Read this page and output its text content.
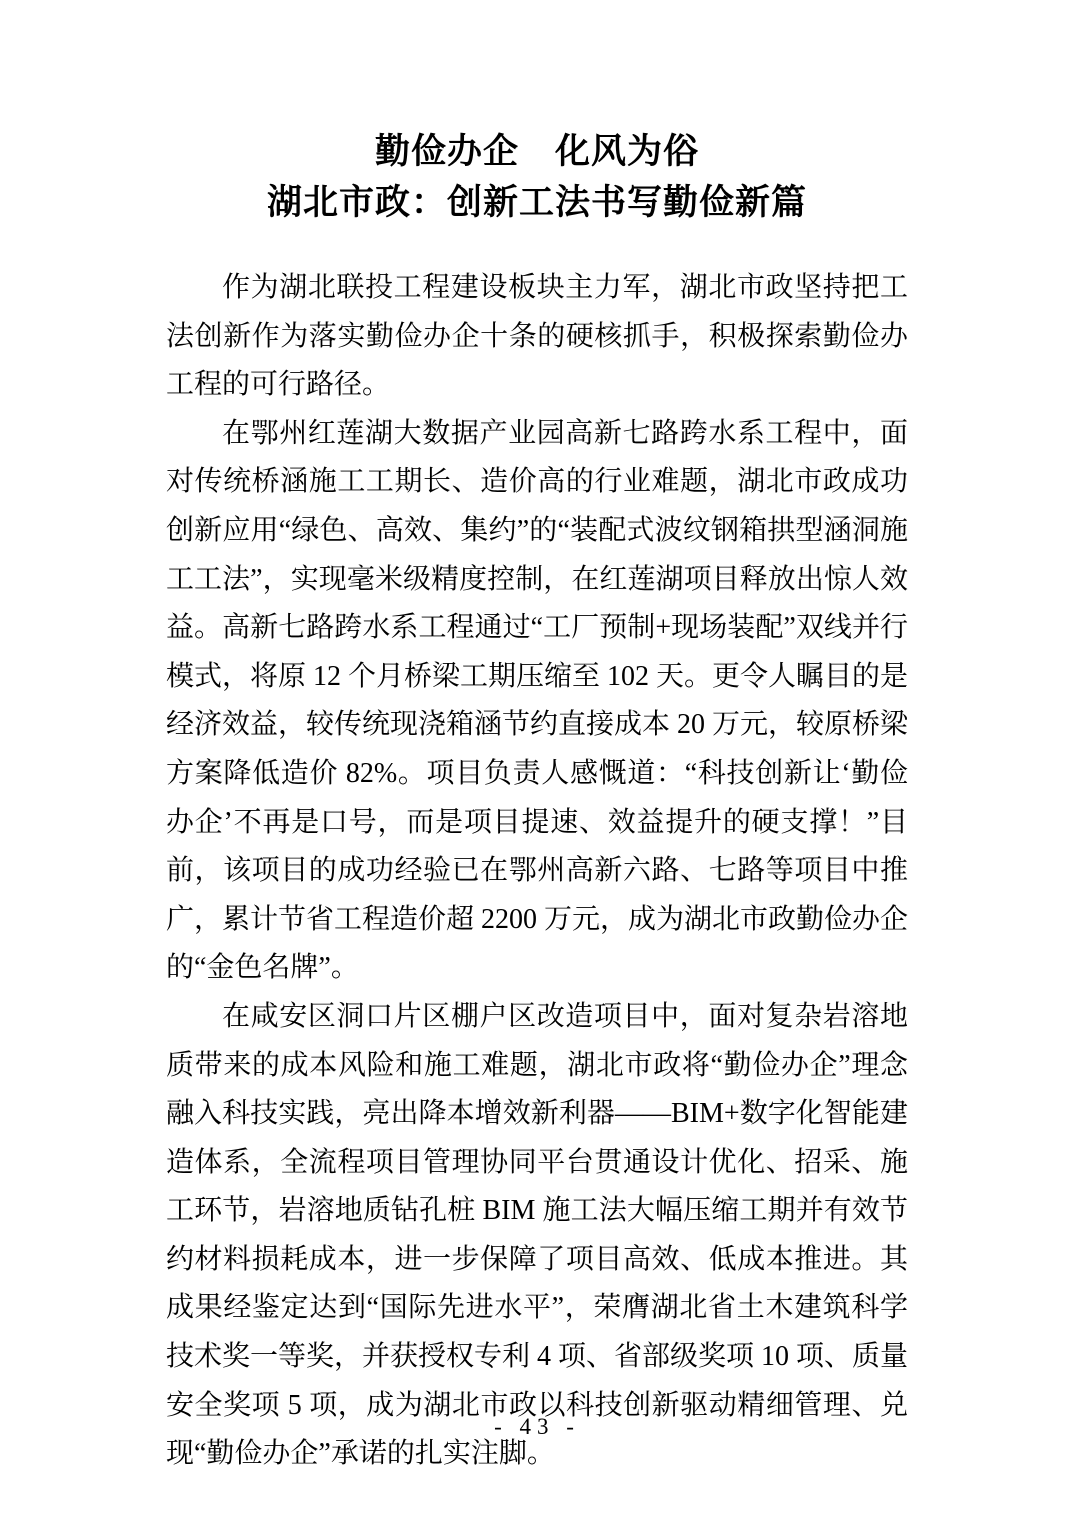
勤俭办企　化风为俗
湖北市政：创新工法书写勤俭新篇

作为湖北联投工程建设板块主力军，湖北市政坚持把工法创新作为落实勤俭办企十条的硬核抓手，积极探索勤俭办工程的可行路径。

在鄂州红莲湖大数据产业园高新七路跨水系工程中，面对传统桥涵施工工期长、造价高的行业难题，湖北市政成功创新应用“绿色、高效、集约”的“装配式波纹钢箱拱型涵洞施工工法”，实现毫米级精度控制，在红莲湖项目释放出惊人效益。高新七路跨水系工程通过“工厂预制+现场装配”双线并行模式，将原 12 个月桥梁工期压缩至 102 天。更令人瞩目的是经济效益，较传统现浇箱涵节约直接成本 20 万元，较原桥梁方案降低造价 82%。项目负责人感慨道：“科技创新让‘勤俭办企’不再是口号，而是项目提速、效益提升的硬支撑！”目前，该项目的成功经验已在鄂州高新六路、七路等项目中推广，累计节省工程造价超 2200 万元，成为湖北市政勤俭办企的“金色名牌”。

在咸安区洞口片区棚户区改造项目中，面对复杂岩溶地质带来的成本风险和施工难题，湖北市政将“勤俭办企”理念融入科技实践，亮出降本增效新利器——BIM+数字化智能建造体系，全流程项目管理协同平台贯通设计优化、招采、施工环节，岩溶地质钻孔桩 BIM 施工法大幅压缩工期并有效节约材料损耗成本，进一步保障了项目高效、低成本推进。其成果经鉴定达到“国际先进水平”，荣膺湖北省土木建筑科学技术奖一等奖，并获授权专利 4 项、省部级奖项 10 项、质量安全奖项 5 项，成为湖北市政以科技创新驱动精细管理、兑现“勤俭办企”承诺的扎实注脚。

- 43 -
